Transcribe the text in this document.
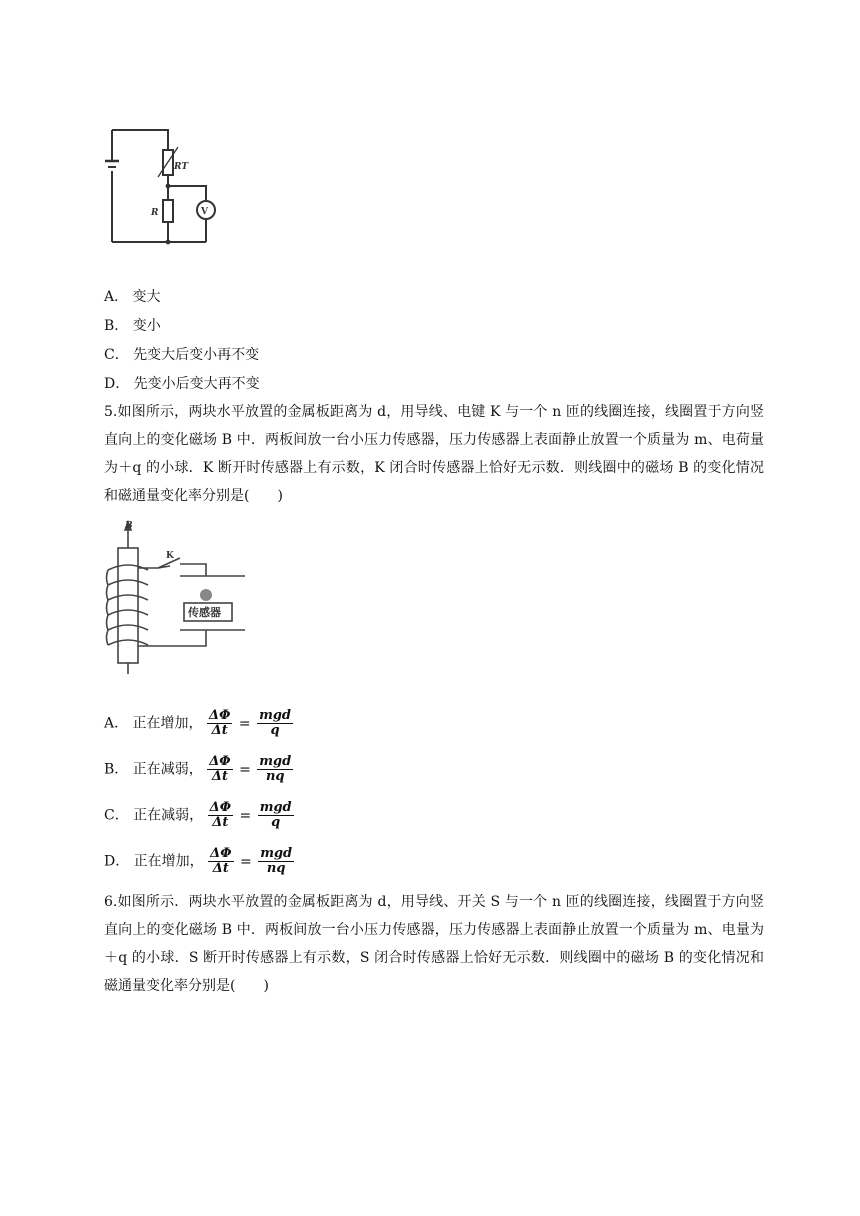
RT
R	V
A． 变大
B． 变小
C． 先变大后变小再不变
D． 先变小后变大再不变
5.如图所示，两块水平放置的金属板距离为 d，用导线、电键 K 与一个 n 匝的线圈连接，线圈置于方向竖直向上的变化磁场 B 中．两板间放一台小压力传感器，压力传感器上表面静止放置一个质量为 m、电荷量为＋q 的小球．K 断开时传感器上有示数，K 闭合时传感器上恰好无示数．则线圈中的磁场 B 的变化情况和磁通量变化率分别是(　　)
B
K
传感器
A． 正在增加， $\frac{\Delta\Phi}{\Delta t} = \frac{\text{mgd}}{q}$
B． 正在减弱， $\frac{\Delta\Phi}{\Delta t} = \frac{\text{mgd}}{nq}$
C． 正在减弱， $\frac{\Delta\Phi}{\Delta t} = \frac{\text{mgd}}{q}$
D． 正在增加， $\frac{\Delta\Phi}{\Delta t} = \frac{\text{mgd}}{nq}$
6.如图所示．两块水平放置的金属板距离为 d，用导线、开关 S 与一个 n 匝的线圈连接，线圈置于方向竖直向上的变化磁场 B 中．两板间放一台小压力传感器，压力传感器上表面静止放置一个质量为 m、电量为＋q 的小球．S 断开时传感器上有示数，S 闭合时传感器上恰好无示数．则线圈中的磁场 B 的变化情况和磁通量变化率分别是(　　)
